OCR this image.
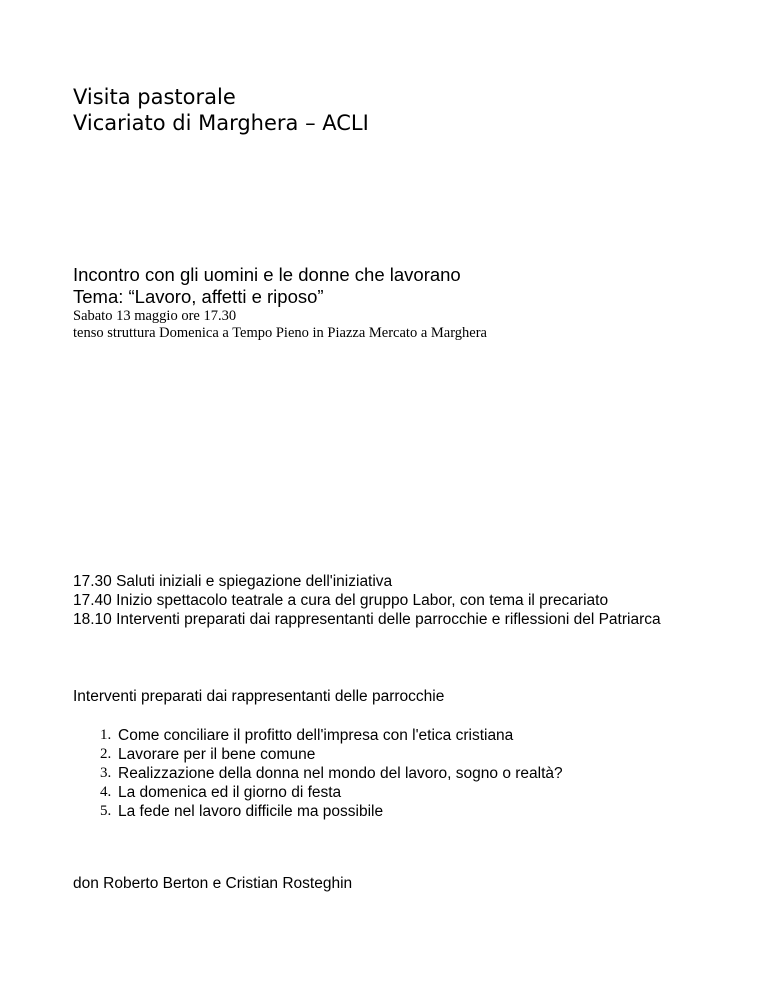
Visita pastorale
Vicariato di Marghera – ACLI
Incontro con gli uomini e le donne che lavorano
Tema: “Lavoro, affetti e riposo”
Sabato 13 maggio ore 17.30
tenso struttura Domenica a Tempo Pieno in Piazza Mercato a Marghera

17.30 Saluti iniziali e spiegazione dell'iniziativa

17.40 Inizio spettacolo teatrale a cura del gruppo Labor, con tema il precariato

18.10 Interventi preparati dai rappresentanti delle parrocchie e riflessioni del Patriarca

Interventi preparati dai rappresentanti delle parrocchie
1. Come conciliare il profitto dell'impresa con l'etica cristiana
2. Lavorare per il bene comune
3. Realizzazione della donna nel mondo del lavoro, sogno o realtà?
4. La domenica ed il giorno di festa
5. La fede nel lavoro difficile ma possibile
don Roberto Berton e Cristian Rosteghin
